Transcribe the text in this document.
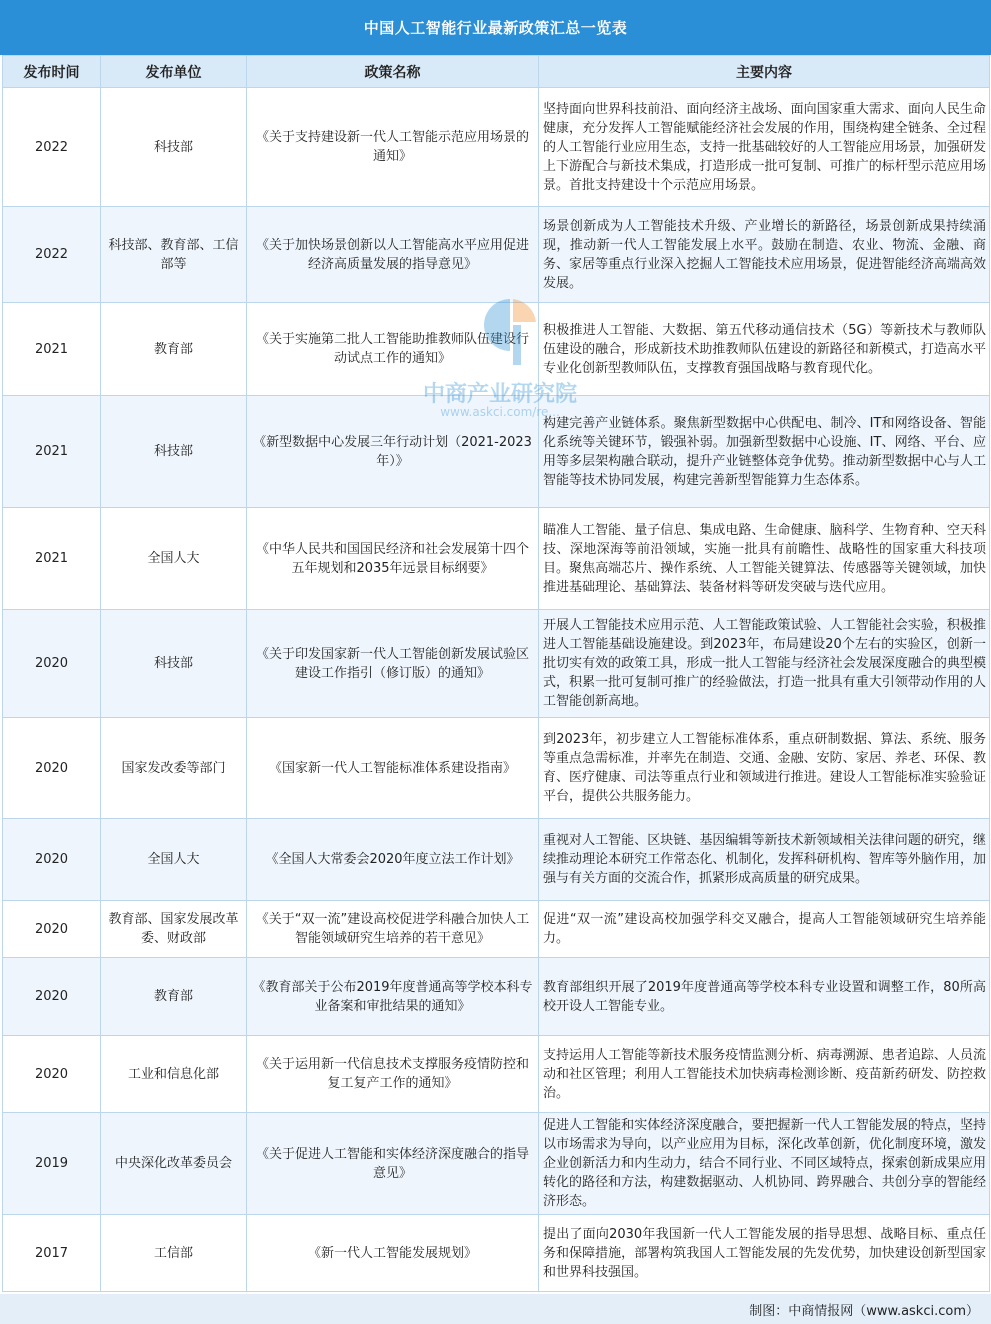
中国人工智能行业最新政策汇总一览表
发布时间	发布单位	政策名称	主要内容
2022	科技部	《关于支持建设新一代人工智能示范应用场景的通知》	坚持面向世界科技前沿、面向经济主战场、面向国家重大需求、面向人民生命健康，充分发挥人工智能赋能经济社会发展的作用，围绕构建全链条、全过程的人工智能行业应用生态，支持一批基础较好的人工智能应用场景，加强研发上下游配合与新技术集成，打造形成一批可复制、可推广的标杆型示范应用场景。首批支持建设十个示范应用场景。
2022	科技部、教育部、工信部等	《关于加快场景创新以人工智能高水平应用促进经济高质量发展的指导意见》	场景创新成为人工智能技术升级、产业增长的新路径，场景创新成果持续涌现，推动新一代人工智能发展上水平。鼓励在制造、农业、物流、金融、商务、家居等重点行业深入挖掘人工智能技术应用场景，促进智能经济高端高效发展。
2021	教育部	《关于实施第二批人工智能助推教师队伍建设行动试点工作的通知》	积极推进人工智能、大数据、第五代移动通信技术（5G）等新技术与教师队伍建设的融合，形成新技术助推教师队伍建设的新路径和新模式，打造高水平专业化创新型教师队伍，支撑教育强国战略与教育现代化。
2021	科技部	《新型数据中心发展三年行动计划（2021-2023年）》	构建完善产业链体系。聚焦新型数据中心供配电、制冷、IT和网络设备、智能化系统等关键环节，锻强补弱。加强新型数据中心设施、IT、网络、平台、应用等多层架构融合联动，提升产业链整体竞争优势。推动新型数据中心与人工智能等技术协同发展，构建完善新型智能算力生态体系。
2021	全国人大	《中华人民共和国国民经济和社会发展第十四个五年规划和2035年远景目标纲要》	瞄准人工智能、量子信息、集成电路、生命健康、脑科学、生物育种、空天科技、深地深海等前沿领域，实施一批具有前瞻性、战略性的国家重大科技项目。聚焦高端芯片、操作系统、人工智能关键算法、传感器等关键领域，加快推进基础理论、基础算法、装备材料等研发突破与迭代应用。
2020	科技部	《关于印发国家新一代人工智能创新发展试验区建设工作指引（修订版）的通知》	开展人工智能技术应用示范、人工智能政策试验、人工智能社会实验，积极推进人工智能基础设施建设。到2023年，布局建设20个左右的实验区，创新一批切实有效的政策工具，形成一批人工智能与经济社会发展深度融合的典型模式，积累一批可复制可推广的经验做法，打造一批具有重大引领带动作用的人工智能创新高地。
2020	国家发改委等部门	《国家新一代人工智能标准体系建设指南》	到2023年，初步建立人工智能标准体系，重点研制数据、算法、系统、服务等重点急需标准，并率先在制造、交通、金融、安防、家居、养老、环保、教育、医疗健康、司法等重点行业和领域进行推进。建设人工智能标准实验验证平台，提供公共服务能力。
2020	全国人大	《全国人大常委会2020年度立法工作计划》	重视对人工智能、区块链、基因编辑等新技术新领域相关法律问题的研究，继续推动理论本研究工作常态化、机制化，发挥科研机构、智库等外脑作用，加强与有关方面的交流合作，抓紧形成高质量的研究成果。
2020	教育部、国家发展改革委、财政部	《关于“双一流”建设高校促进学科融合加快人工智能领域研究生培养的若干意见》	促进“双一流”建设高校加强学科交叉融合，提高人工智能领域研究生培养能力。
2020	教育部	《教育部关于公布2019年度普通高等学校本科专业备案和审批结果的通知》	教育部组织开展了2019年度普通高等学校本科专业设置和调整工作，80所高校开设人工智能专业。
2020	工业和信息化部	《关于运用新一代信息技术支撑服务疫情防控和复工复产工作的通知》	支持运用人工智能等新技术服务疫情监测分析、病毒溯源、患者追踪、人员流动和社区管理；利用人工智能技术加快病毒检测诊断、疫苗新药研发、防控救治。
2019	中央深化改革委员会	《关于促进人工智能和实体经济深度融合的指导意见》	促进人工智能和实体经济深度融合，要把握新一代人工智能发展的特点，坚持以市场需求为导向，以产业应用为目标，深化改革创新，优化制度环境，激发企业创新活力和内生动力，结合不同行业、不同区域特点，探索创新成果应用转化的路径和方法，构建数据驱动、人机协同、跨界融合、共创分享的智能经济形态。
2017	工信部	《新一代人工智能发展规划》	提出了面向2030年我国新一代人工智能发展的指导思想、战略目标、重点任务和保障措施，部署构筑我国人工智能发展的先发优势，加快建设创新型国家和世界科技强国。
中商产业研究院
www.askci.com/re...
制图：中商情报网（www.askci.com）
